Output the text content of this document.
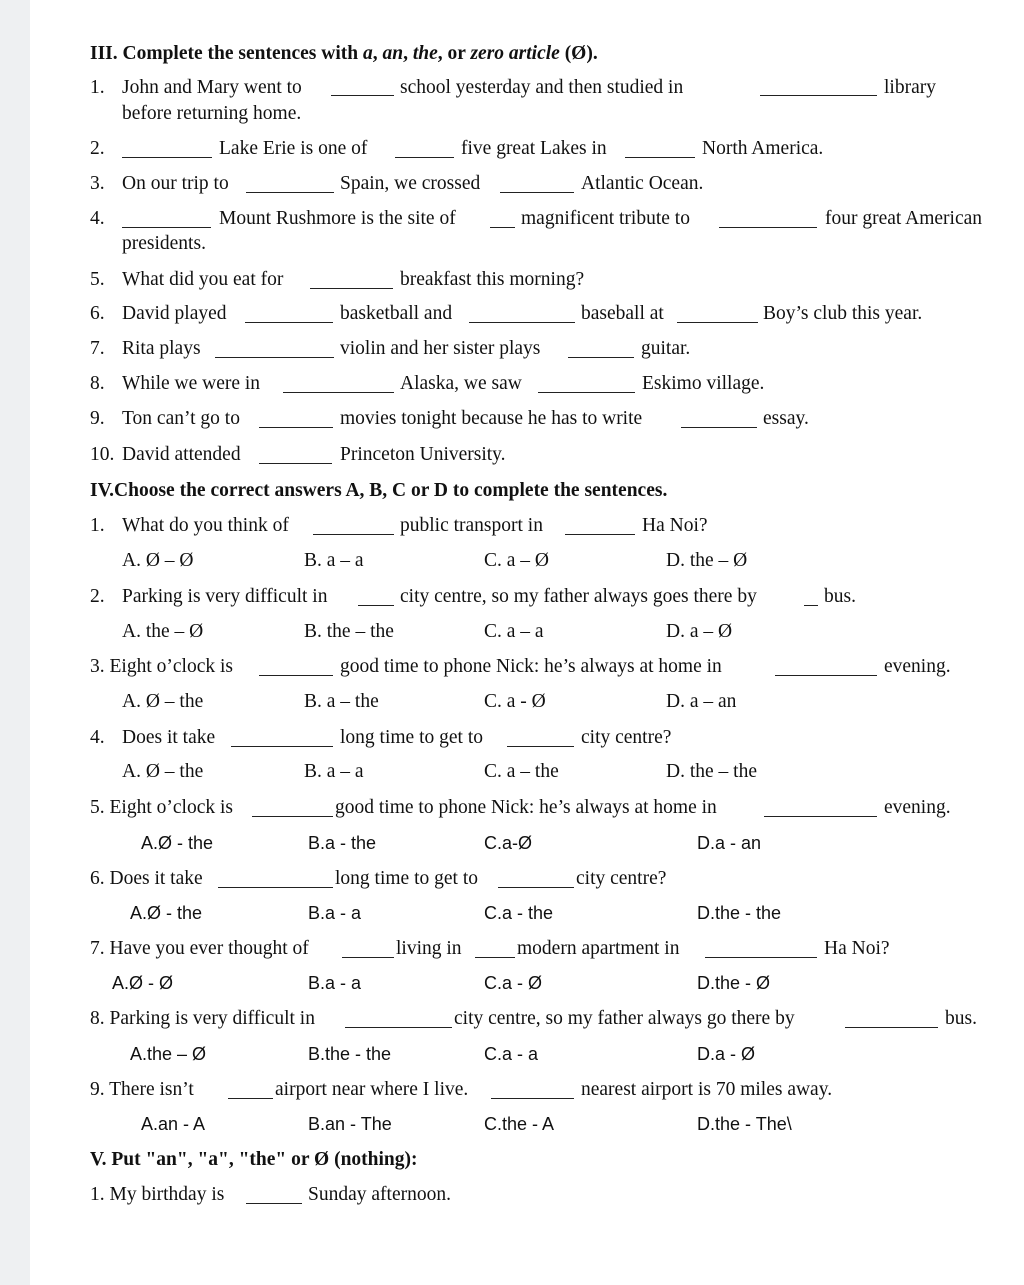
III. Complete the sentences with a, an, the, or zero article (Ø).
1. John and Mary went to	school yesterday and then studied in	library
before returning home.
2.	Lake Erie is one of	five great Lakes in	North America.
3. On our trip to	Spain, we crossed	Atlantic Ocean.
4.	Mount Rushmore is the site of	magnificent tribute to	four great American
presidents.
5. What did you eat for	breakfast this morning?
6. David played	basketball and	baseball at	Boy’s club this year.
7. Rita plays	violin and her sister plays	guitar.
8. While we were in	Alaska, we saw	Eskimo village.
9. Ton can’t go to	movies tonight because he has to write	essay.
10. David attended	Princeton University.
IV.Choose the correct answers A, B, C or D to complete the sentences.
1. What do you think of	public transport in	Ha Noi?
A. Ø – Ø	B. a – a	C. a – Ø	D. the – Ø
2. Parking is very difficult in	city centre, so my father always goes there by	bus.
A. the – Ø	B. the – the	C. a – a	D. a – Ø
3. Eight o’clock is	good time to phone Nick: he’s always at home in	evening.
A. Ø – the	B. a – the	C. a - Ø	D. a – an
4. Does it take	long time to get to	city centre?
A. Ø – the	B. a – a	C. a – the	D. the – the
5. Eight o’clock is	good time to phone Nick: he’s always at home in	evening.
A.Ø - the	B.a - the	C.a-Ø	D.a - an
6. Does it take	long time to get to	city centre?
A.Ø - the	B.a - a	C.a - the	D.the - the
7. Have you ever thought of	living in	modern apartment in	Ha Noi?
A.Ø - Ø	B.a - a	C.a - Ø	D.the - Ø
8. Parking is very difficult in	city centre, so my father always go there by	bus.
A.the – Ø	B.the - the	C.a - a	D.a - Ø
9. There isn’t	airport near where I live.	nearest airport is 70 miles away.
A.an - A	B.an - The	C.the - A	D.the - The\
V. Put "an", "a", "the" or Ø (nothing):
1. My birthday is	Sunday afternoon.
